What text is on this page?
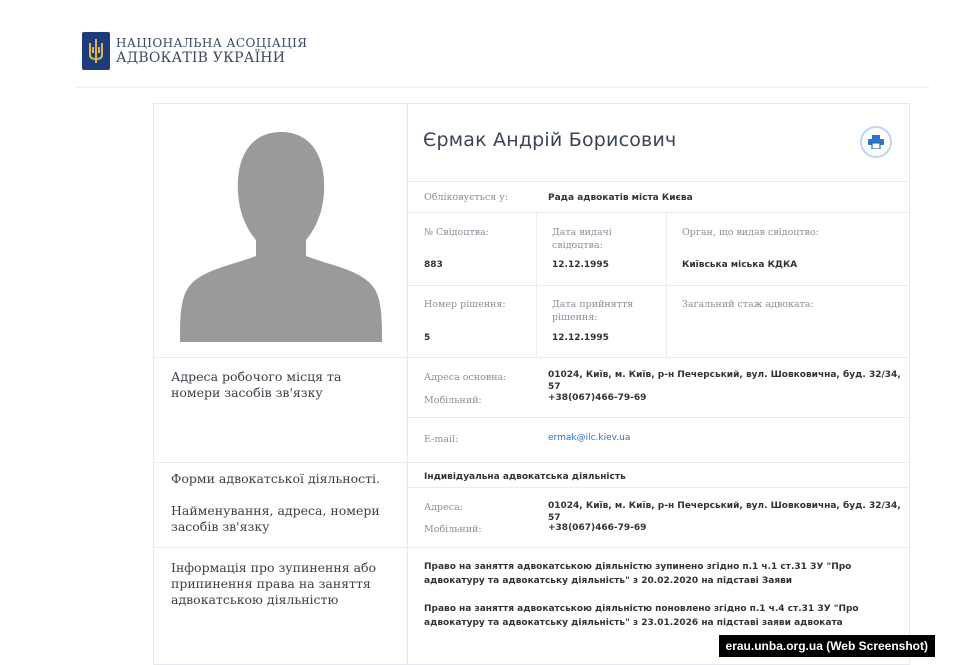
НАЦІОНАЛЬНА АСОЦІАЦІЯ
АДВОКАТІВ УКРАЇНИ
Єрмак Андрій Борисович
Обліковується у:	Рада адвокатів міста Києва
№ Свідоцтва:
883
Дата видачі свідоцтва:
12.12.1995
Орган, що видав свідоцтво:
Київська міська КДКА
Номер рішення:
5
Дата прийняття рішення:
12.12.1995
Загальний стаж адвоката:
Адреса робочого місця та номери засобів зв'язку
Адреса основна:	01024, Київ, м. Київ, р-н Печерський, вул. Шовковична, буд. 32/34, 57
Мобільний:	+38(067)466-79-69
E-mail:	ermak@ilc.kiev.ua
Форми адвокатської діяльності.
Найменування, адреса, номери засобів зв'язку
Індивідуальна адвокатська діяльність
Адреса:	01024, Київ, м. Київ, р-н Печерський, вул. Шовковична, буд. 32/34, 57
Мобільний:	+38(067)466-79-69
Інформація про зупинення або припинення права на заняття адвокатською діяльністю
Право на заняття адвокатською діяльністю зупинено згідно п.1 ч.1 ст.31 ЗУ "Про адвокатуру та адвокатську діяльність" з 20.02.2020 на підставі Заяви
Право на заняття адвокатською діяльністю поновлено згідно п.1 ч.4 ст.31 ЗУ "Про адвокатуру та адвокатську діяльність" з 23.01.2026 на підставі заяви адвоката
erau.unba.org.ua (Web Screenshot)
